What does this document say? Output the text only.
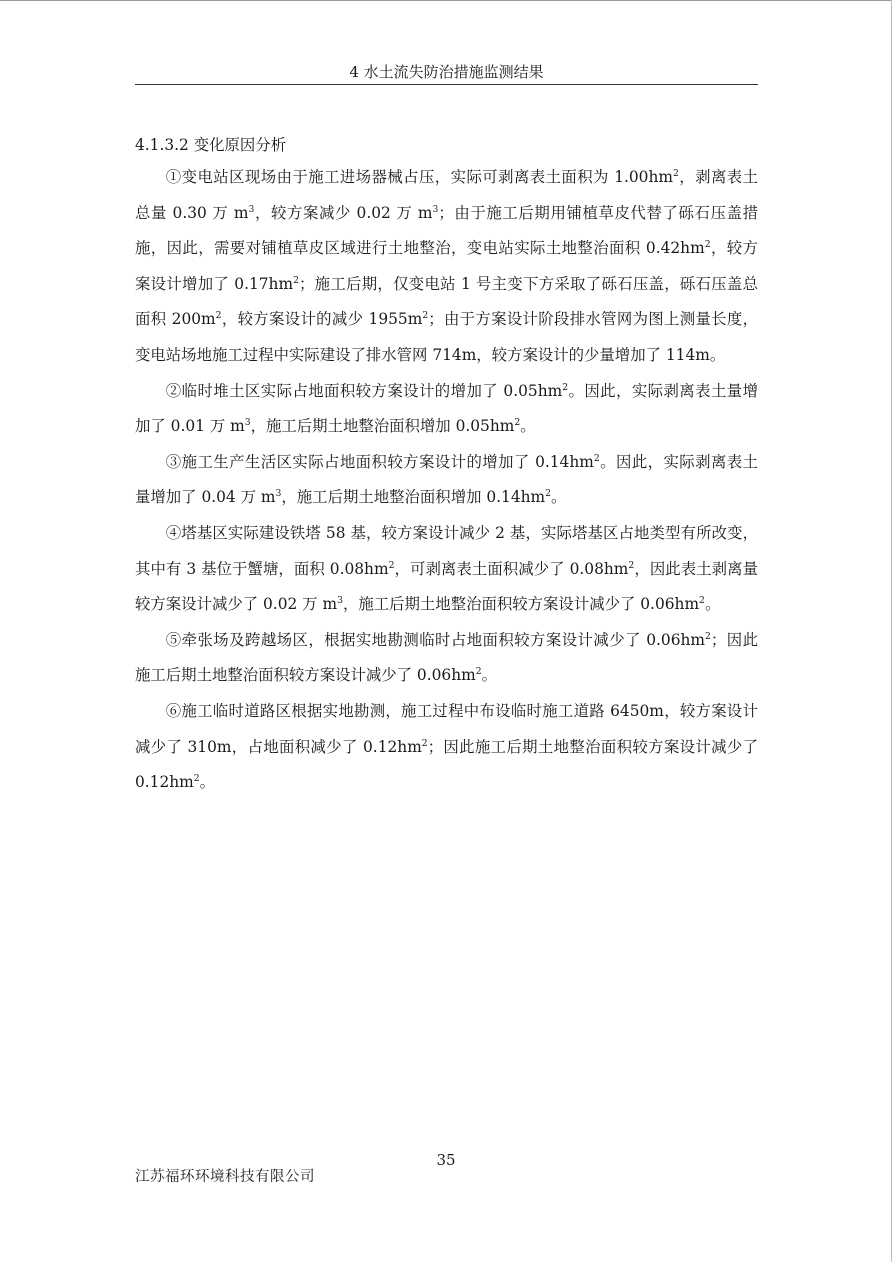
4 水土流失防治措施监测结果

4.1.3.2 变化原因分析

①变电站区现场由于施工进场器械占压，实际可剥离表土面积为 $1.00hm^2$，剥离表土总量 0.30 万 $m^3$，较方案减少 0.02 万 $m^3$；由于施工后期用铺植草皮代替了砾石压盖措施，因此，需要对铺植草皮区域进行土地整治，变电站实际土地整治面积 $0.42hm^2$，较方案设计增加了 $0.17hm^2$；施工后期，仅变电站 1 号主变下方采取了砾石压盖，砾石压盖总面积 $200m^2$，较方案设计的减少 $1955m^2$；由于方案设计阶段排水管网为图上测量长度，变电站场地施工过程中实际建设了排水管网 714m，较方案设计的少量增加了 114m。

②临时堆土区实际占地面积较方案设计的增加了 $0.05hm^2$。因此，实际剥离表土量增加了 0.01 万 $m^3$，施工后期土地整治面积增加 $0.05hm^2$。

③施工生产生活区实际占地面积较方案设计的增加了 $0.14hm^2$。因此，实际剥离表土量增加了 0.04 万 $m^3$，施工后期土地整治面积增加 $0.14hm^2$。

④塔基区实际建设铁塔 58 基，较方案设计减少 2 基，实际塔基区占地类型有所改变，其中有 3 基位于蟹塘，面积 $0.08hm^2$，可剥离表土面积减少了 $0.08hm^2$，因此表土剥离量较方案设计减少了 0.02 万 $m^3$，施工后期土地整治面积较方案设计减少了 $0.06hm^2$。

⑤牵张场及跨越场区，根据实地勘测临时占地面积较方案设计减少了 $0.06hm^2$；因此施工后期土地整治面积较方案设计减少了 $0.06hm^2$。

⑥施工临时道路区根据实地勘测，施工过程中布设临时施工道路 6450m，较方案设计减少了 310m，占地面积减少了 $0.12hm^2$；因此施工后期土地整治面积较方案设计减少了 $0.12hm^2$。

35
江苏福环环境科技有限公司
